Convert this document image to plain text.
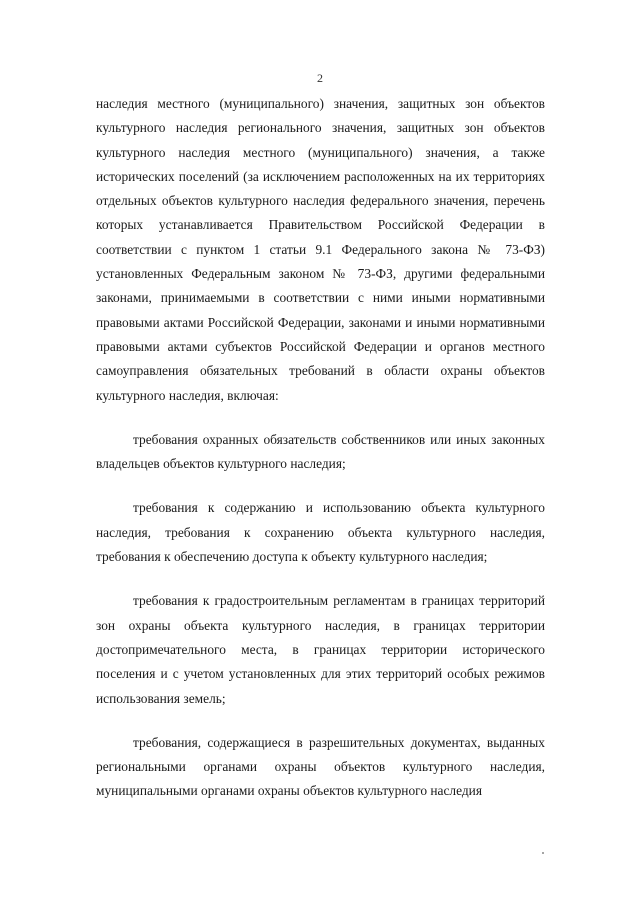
2

наследия местного (муниципального) значения, защитных зон объектов культурного наследия регионального значения, защитных зон объектов культурного наследия местного (муниципального) значения, а также исторических поселений (за исключением расположенных на их территориях отдельных объектов культурного наследия федерального значения, перечень которых устанавливается Правительством Российской Федерации в соответствии с пунктом 1 статьи 9.1 Федерального закона № 73-ФЗ) установленных Федеральным законом № 73-ФЗ, другими федеральными законами, принимаемыми в соответствии с ними иными нормативными правовыми актами Российской Федерации, законами и иными нормативными правовыми актами субъектов Российской Федерации и органов местного самоуправления обязательных требований в области охраны объектов культурного наследия, включая:

требования охранных обязательств собственников или иных законных владельцев объектов культурного наследия;

требования к содержанию и использованию объекта культурного наследия, требования к сохранению объекта культурного наследия, требования к обеспечению доступа к объекту культурного наследия;

требования к градостроительным регламентам в границах территорий зон охраны объекта культурного наследия, в границах территории достопримечательного места, в границах территории исторического поселения и с учетом установленных для этих территорий особых режимов использования земель;

требования, содержащиеся в разрешительных документах, выданных региональными органами охраны объектов культурного наследия, муниципальными органами охраны объектов культурного наследия
